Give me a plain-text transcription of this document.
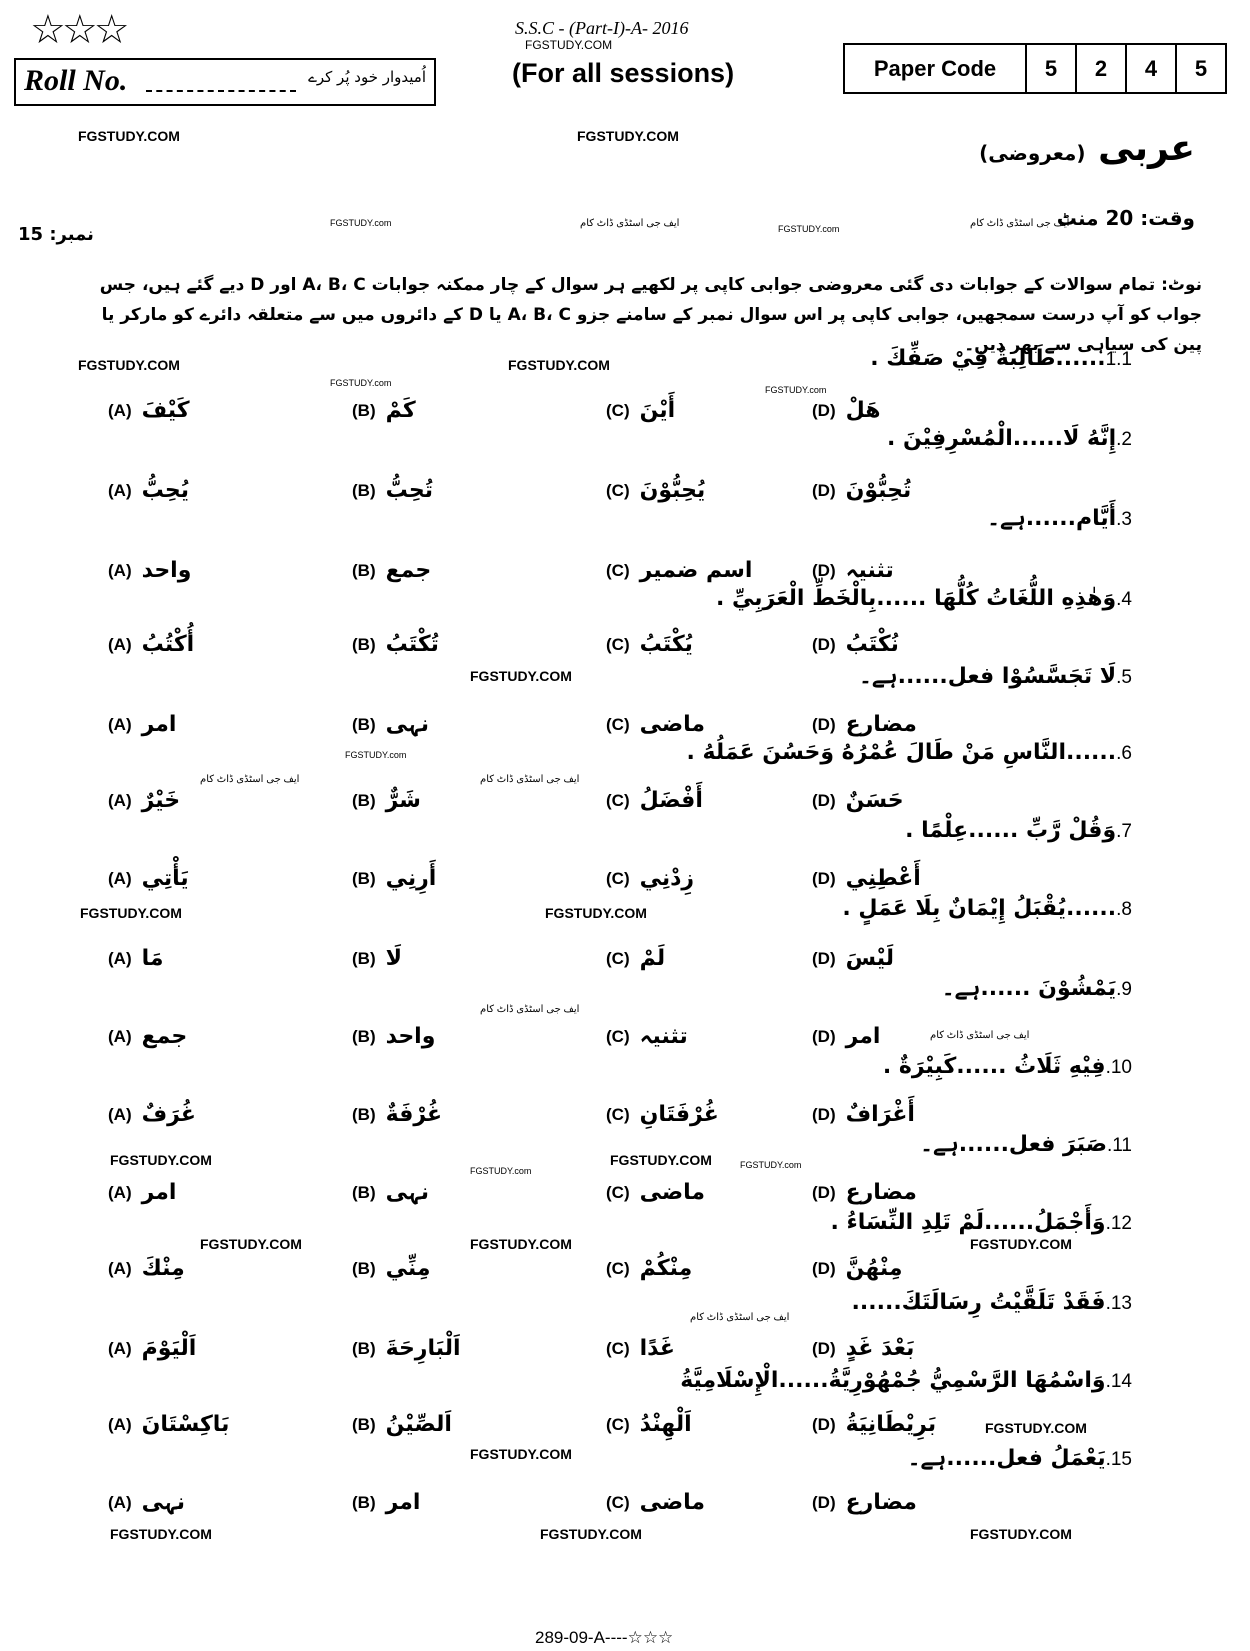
☆☆☆
Roll No.	اُمیدوار خود پُر کرے
S.S.C - (Part-I)-A- 2016
FGSTUDY.COM
(For all sessions)	Paper Code	5	2	4	5
عربی (معروضی)
وقت: 20 منٹ
نمبر: 15
نوٹ: تمام سوالات کے جوابات دی گئی معروضی جوابی کاپی پر لکھیے ہر سوال کے چار ممکنہ جوابات A، B، C اور D دیے گئے ہیں، جس جواب کو آپ درست سمجھیں، جوابی کاپی پر اس سوال نمبر کے سامنے جزو A، B، C یا D کے دائروں میں سے متعلقہ دائرے کو مارکر یا پین کی سیاہی سے بھر دیں۔
1.1......طَالِبَةٌ فِيْ صَفِّكَ .
(A) كَيْفَ	(B) كَمْ	(C) أَيْنَ	(D) هَلْ
2.إِنَّهُ لَا......الْمُسْرِفِيْنَ .
(A) يُحِبُّ	(B) تُحِبُّ	(C) يُحِبُّوْنَ	(D) تُحِبُّوْنَ
3.أَيَّام......ہے۔
(A) واحد	(B) جمع	(C) اسم ضمیر	(D) تثنیہ
4.وَهٰذِهِ اللُّغَاتُ كُلُّهَا ......بِالْخَطِّ الْعَرَبِيِّ .
(A) أُكْتُبُ	(B) تُكْتَبُ	(C) يُكْتَبُ	(D) نُكْتَبُ
5.لَا تَجَسَّسُوْا فعل......ہے۔
(A) امر	(B) نہی	(C) ماضی	(D) مضارع
6.......النَّاسِ مَنْ طَالَ عُمْرُهُ وَحَسُنَ عَمَلُهُ .
(A) خَيْرٌ	(B) شَرٌّ	(C) أَفْضَلُ	(D) حَسَنٌ
7.وَقُلْ رَّبِّ ......عِلْمًا .
(A) يَأْتِي	(B) أَرِنِي	(C) زِدْنِي	(D) أَعْطِنِي
8.......يُقْبَلُ إِيْمَانٌ بِلَا عَمَلٍ .
(A) مَا	(B) لَا	(C) لَمْ	(D) لَيْسَ
9.يَمْشُوْنَ ......ہے۔
(A) جمع	(B) واحد	(C) تثنیہ	(D) امر
10.فِيْهِ ثَلَاثُ ......كَبِيْرَةٌ .
(A) غُرَفٌ	(B) غُرْفَةٌ	(C) غُرْفَتَانِ	(D) أَغْرَافٌ
11.صَبَرَ فعل......ہے۔
(A) امر	(B) نہی	(C) ماضی	(D) مضارع
12.وَأَجْمَلُ......لَمْ تَلِدِ النِّسَاءُ .
(A) مِنْكَ	(B) مِنِّي	(C) مِنْكُمْ	(D) مِنْهُنَّ
13.فَقَدْ تَلَقَّيْتُ رِسَالَتَكَ......
(A) اَلْيَوْمَ	(B) اَلْبَارِحَةَ	(C) غَدًا	(D) بَعْدَ غَدٍ
14.وَاسْمُهَا الرَّسْمِيُّ جُمْهُوْرِيَّةُ......الْإِسْلَامِيَّةُ
(A) بَاكِسْتَانَ	(B) اَلصِّيْنُ	(C) اَلْهِنْدُ	(D) بَرِيْطَانِيَةُ
15.يَعْمَلُ فعل......ہے۔
(A) نہی	(B) امر	(C) ماضی	(D) مضارع
FGSTUDY.COM	FGSTUDY.COM
FGSTUDY.com
FGSTUDY.com
ایف جی اسٹڈی ڈاٹ کام	ایف جی اسٹڈی ڈاٹ کام
FGSTUDY.COM	FGSTUDY.COM
FGSTUDY.com
FGSTUDY.com
FGSTUDY.COM
FGSTUDY.COM	FGSTUDY.COM
FGSTUDY.COM	FGSTUDY.COM
FGSTUDY.COM	FGSTUDY.COM	FGSTUDY.COM
FGSTUDY.COM
FGSTUDY.COM
FGSTUDY.COM	FGSTUDY.COM	FGSTUDY.COM
FGSTUDY.com
FGSTUDY.com
FGSTUDY.com
ایف جی اسٹڈی ڈاٹ کام
ایف جی اسٹڈی ڈاٹ کام
ایف جی اسٹڈی ڈاٹ کام
ایف جی اسٹڈی ڈاٹ کام
ایف جی اسٹڈی ڈاٹ کام
289-09-A----☆☆☆
